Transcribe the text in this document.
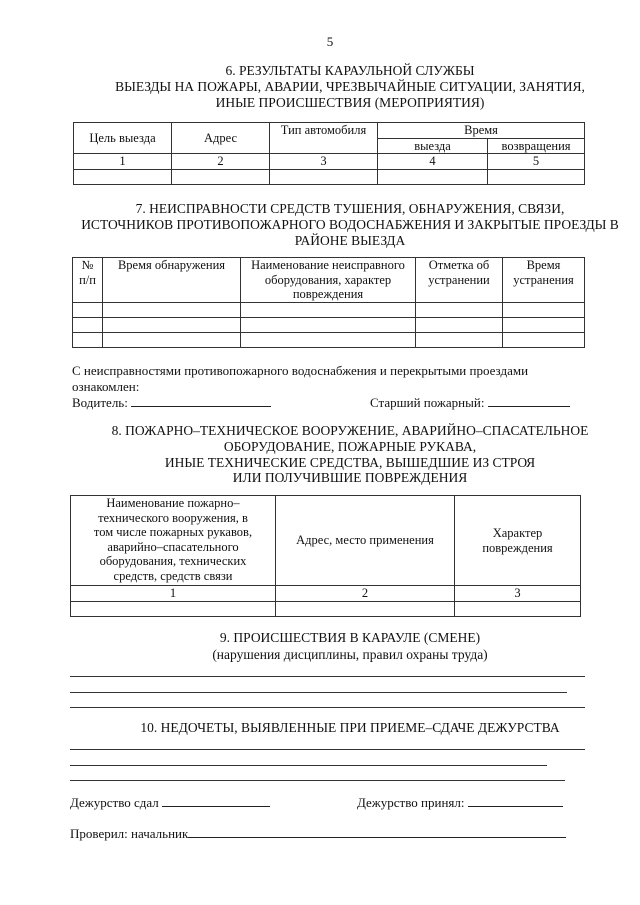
5
6. РЕЗУЛЬТАТЫ КАРАУЛЬНОЙ СЛУЖБЫ
ВЫЕЗДЫ НА ПОЖАРЫ, АВАРИИ, ЧРЕЗВЫЧАЙНЫЕ СИТУАЦИИ, ЗАНЯТИЯ,
ИНЫЕ ПРОИСШЕСТВИЯ (МЕРОПРИЯТИЯ)
Цель выезда	Адрес	Тип автомобиля	Время	
			выезда	возвращения
1	2	3	4	5

7. НЕИСПРАВНОСТИ СРЕДСТВ ТУШЕНИЯ, ОБНАРУЖЕНИЯ, СВЯЗИ,
ИСТОЧНИКОВ ПРОТИВОПОЖАРНОГО ВОДОСНАБЖЕНИЯ И ЗАКРЫТЫЕ ПРОЕЗДЫ В
РАЙОНЕ ВЫЕЗДА
№ п/п	Время обнаружения	Наименование неисправного оборудования, характер повреждения	Отметка об устранении	Время устранения

С неисправностями противопожарного водоснабжения и перекрытыми проездами
ознакомлен:
Водитель:	Старший пожарный:
8. ПОЖАРНО–ТЕХНИЧЕСКОЕ ВООРУЖЕНИЕ, АВАРИЙНО–СПАСАТЕЛЬНОЕ
ОБОРУДОВАНИЕ, ПОЖАРНЫЕ РУКАВА,
ИНЫЕ ТЕХНИЧЕСКИЕ СРЕДСТВА, ВЫШЕДШИЕ ИЗ СТРОЯ
ИЛИ ПОЛУЧИВШИЕ ПОВРЕЖДЕНИЯ
Наименование пожарно–технического вооружения, в том числе пожарных рукавов, аварийно–спасательного оборудования, технических средств, средств связи	Адрес, место применения	Характер повреждения
1	2	3

9. ПРОИСШЕСТВИЯ В КАРАУЛЕ (СМЕНЕ)
(нарушения дисциплины, правил охраны труда)
10. НЕДОЧЕТЫ, ВЫЯВЛЕННЫЕ ПРИ ПРИЕМЕ–СДАЧЕ ДЕЖУРСТВА
Дежурство сдал	Дежурство принял:
Проверил: начальник
